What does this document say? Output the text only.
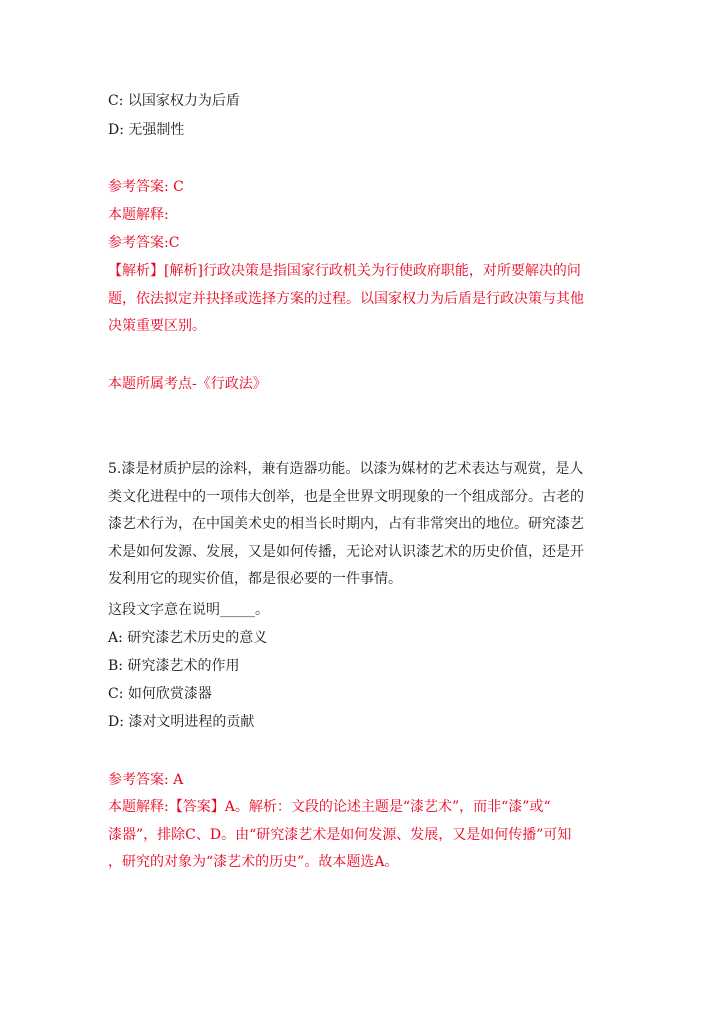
C: 以国家权力为后盾
D: 无强制性
参考答案: C
本题解释:
参考答案:C
【解析】[解析]行政决策是指国家行政机关为行使政府职能，对所要解决的问
题，依法拟定并抉择或选择方案的过程。以国家权力为后盾是行政决策与其他
决策重要区别。
本题所属考点-《行政法》
5.漆是材质护层的涂料，兼有造器功能。以漆为媒材的艺术表达与观赏，是人
类文化进程中的一项伟大创举，也是全世界文明现象的一个组成部分。古老的
漆艺术行为，在中国美术史的相当长时期内，占有非常突出的地位。研究漆艺
术是如何发源、发展，又是如何传播，无论对认识漆艺术的历史价值，还是开
发利用它的现实价值，都是很必要的一件事情。
这段文字意在说明_____。
A: 研究漆艺术历史的意义
B: 研究漆艺术的作用
C: 如何欣赏漆器
D: 漆对文明进程的贡献
参考答案: A
本题解释:【答案】A。解析：文段的论述主题是“漆艺术”，而非“漆”或“
漆器”，排除C、D。由“研究漆艺术是如何发源、发展，又是如何传播”可知
，研究的对象为“漆艺术的历史”。故本题选A。
